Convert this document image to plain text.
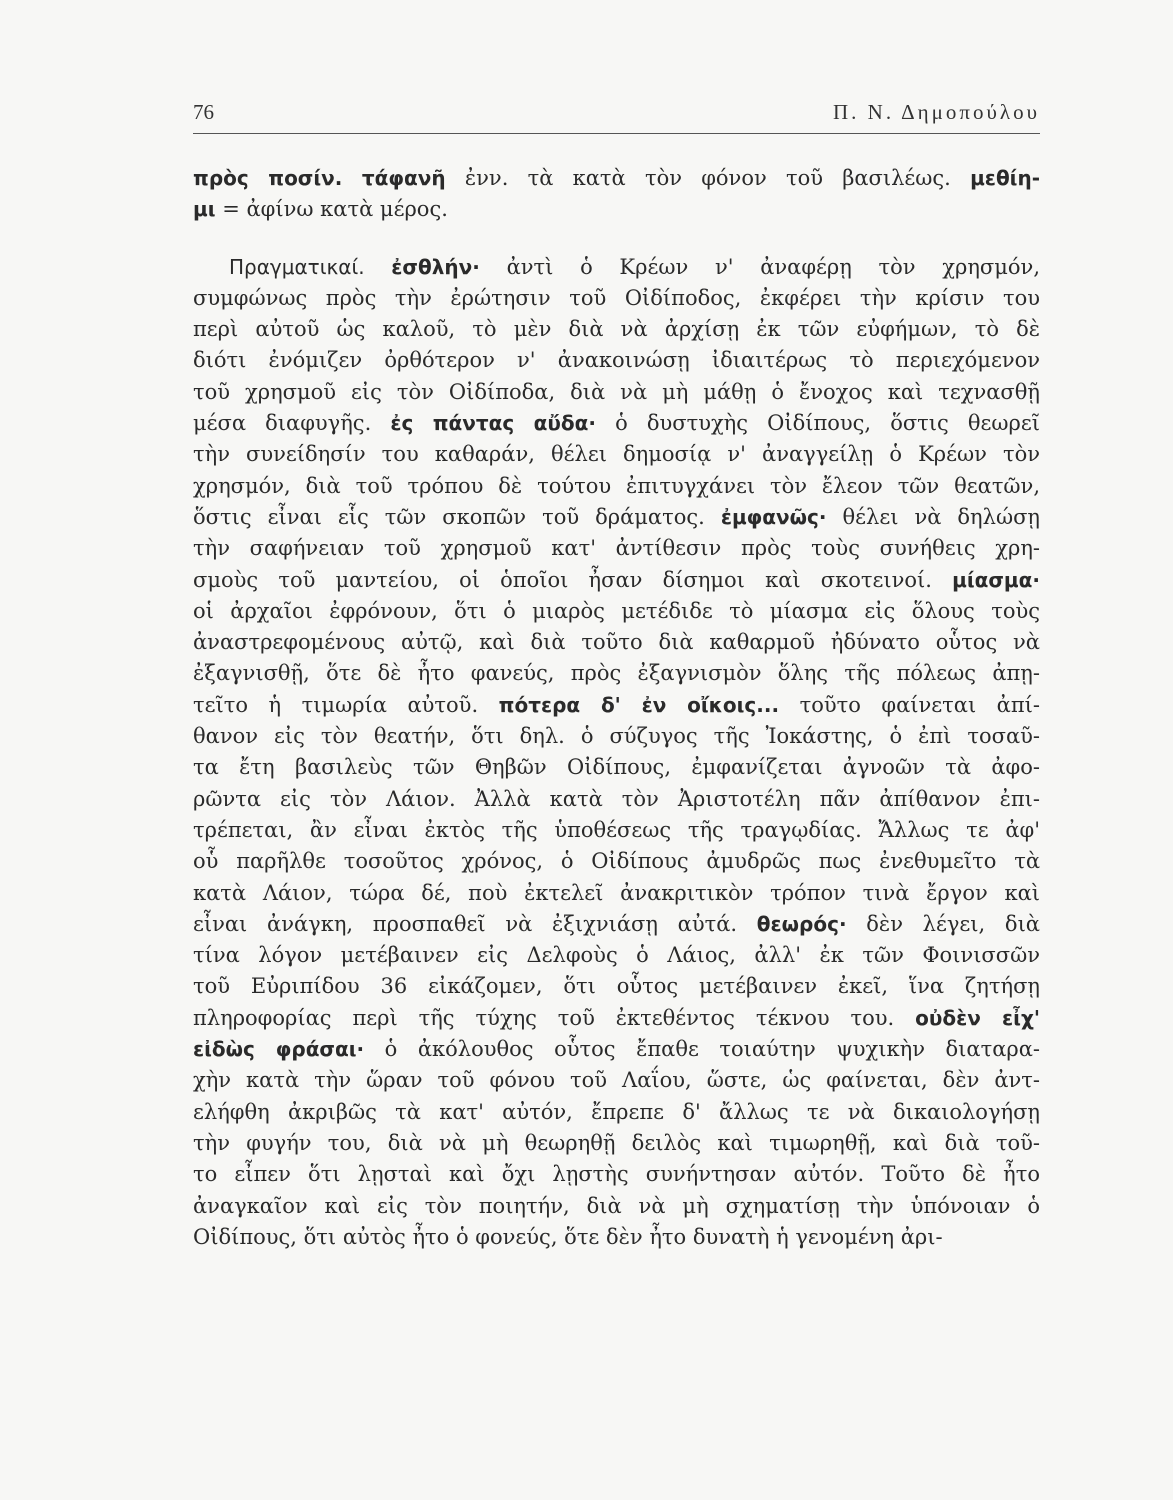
76	Π. Ν. Δημοπούλου
πρὸς ποσίν. τάφανῆ ἐνν. τὰ κατὰ τὸν φόνον τοῦ βασιλέως. μεθίη-
μι = ἀφίνω κατὰ μέρος.
Πραγματικαί. ἐσθλήν· ἀντὶ ὁ Κρέων ν' ἀναφέρῃ τὸν χρησμόν,
συμφώνως πρὸς τὴν ἐρώτησιν τοῦ Οἰδίποδος, ἐκφέρει τὴν κρίσιν του
περὶ αὐτοῦ ὡς καλοῦ, τὸ μὲν διὰ νὰ ἀρχίσῃ ἐκ τῶν εὐφήμων, τὸ δὲ
διότι ἐνόμιζεν ὀρθότερον ν' ἀνακοινώσῃ ἰδιαιτέρως τὸ περιεχόμενον
τοῦ χρησμοῦ εἰς τὸν Οἰδίποδα, διὰ νὰ μὴ μάθῃ ὁ ἔνοχος καὶ τεχνασθῇ
μέσα διαφυγῆς. ἐς πάντας αὔδα· ὁ δυστυχὴς Οἰδίπους, ὅστις θεωρεῖ
τὴν συνείδησίν του καθαράν, θέλει δημοσίᾳ ν' ἀναγγείλῃ ὁ Κρέων τὸν
χρησμόν, διὰ τοῦ τρόπου δὲ τούτου ἐπιτυγχάνει τὸν ἔλεον τῶν θεατῶν,
ὅστις εἶναι εἷς τῶν σκοπῶν τοῦ δράματος. ἐμφανῶς· θέλει νὰ δηλώσῃ
τὴν σαφήνειαν τοῦ χρησμοῦ κατ' ἀντίθεσιν πρὸς τοὺς συνήθεις χρη-
σμοὺς τοῦ μαντείου, οἱ ὁποῖοι ἦσαν δίσημοι καὶ σκοτεινοί. μίασμα·
οἱ ἀρχαῖοι ἐφρόνουν, ὅτι ὁ μιαρὸς μετέδιδε τὸ μίασμα εἰς ὅλους τοὺς
ἀναστρεφομένους αὐτῷ, καὶ διὰ τοῦτο διὰ καθαρμοῦ ἠδύνατο οὗτος νὰ
ἐξαγνισθῇ, ὅτε δὲ ἦτο φανεύς, πρὸς ἐξαγνισμὸν ὅλης τῆς πόλεως ἀπῃ-
τεῖτο ἡ τιμωρία αὐτοῦ. πότερα δ' ἐν οἴκοις... τοῦτο φαίνεται ἀπί-
θανον εἰς τὸν θεατήν, ὅτι δηλ. ὁ σύζυγος τῆς Ἰοκάστης, ὁ ἐπὶ τοσαῦ-
τα ἔτη βασιλεὺς τῶν Θηβῶν Οἰδίπους, ἐμφανίζεται ἀγνοῶν τὰ ἀφο-
ρῶντα εἰς τὸν Λάιον. Ἀλλὰ κατὰ τὸν Ἀριστοτέλη πᾶν ἀπίθανον ἐπι-
τρέπεται, ἂν εἶναι ἐκτὸς τῆς ὑποθέσεως τῆς τραγῳδίας. Ἄλλως τε ἀφ'
οὗ παρῆλθε τοσοῦτος χρόνος, ὁ Οἰδίπους ἀμυδρῶς πως ἐνεθυμεῖτο τὰ
κατὰ Λάιον, τώρα δέ, ποὺ ἐκτελεῖ ἀνακριτικὸν τρόπον τινὰ ἔργον καὶ
εἶναι ἀνάγκη, προσπαθεῖ νὰ ἐξιχνιάσῃ αὐτά. θεωρός· δὲν λέγει, διὰ
τίνα λόγον μετέβαινεν εἰς Δελφοὺς ὁ Λάιος, ἀλλ' ἐκ τῶν Φοινισσῶν
τοῦ Εὐριπίδου 36 εἰκάζομεν, ὅτι οὗτος μετέβαινεν ἐκεῖ, ἵνα ζητήσῃ
πληροφορίας περὶ τῆς τύχης τοῦ ἐκτεθέντος τέκνου του. οὐδὲν εἶχ'
εἰδὼς φράσαι· ὁ ἀκόλουθος οὗτος ἔπαθε τοιαύτην ψυχικὴν διαταρα-
χὴν κατὰ τὴν ὥραν τοῦ φόνου τοῦ Λαΐου, ὥστε, ὡς φαίνεται, δὲν ἀντ-
ελήφθη ἀκριβῶς τὰ κατ' αὐτόν, ἔπρεπε δ' ἄλλως τε νὰ δικαιολογήσῃ
τὴν φυγήν του, διὰ νὰ μὴ θεωρηθῇ δειλὸς καὶ τιμωρηθῇ, καὶ διὰ τοῦ-
το εἶπεν ὅτι λῃσταὶ καὶ ὄχι λῃστὴς συνήντησαν αὐτόν. Τοῦτο δὲ ἦτο
ἀναγκαῖον καὶ εἰς τὸν ποιητήν, διὰ νὰ μὴ σχηματίσῃ τὴν ὑπόνοιαν ὁ
Οἰδίπους, ὅτι αὐτὸς ἦτο ὁ φονεύς, ὅτε δὲν ἦτο δυνατὴ ἡ γενομένη ἀρι-
